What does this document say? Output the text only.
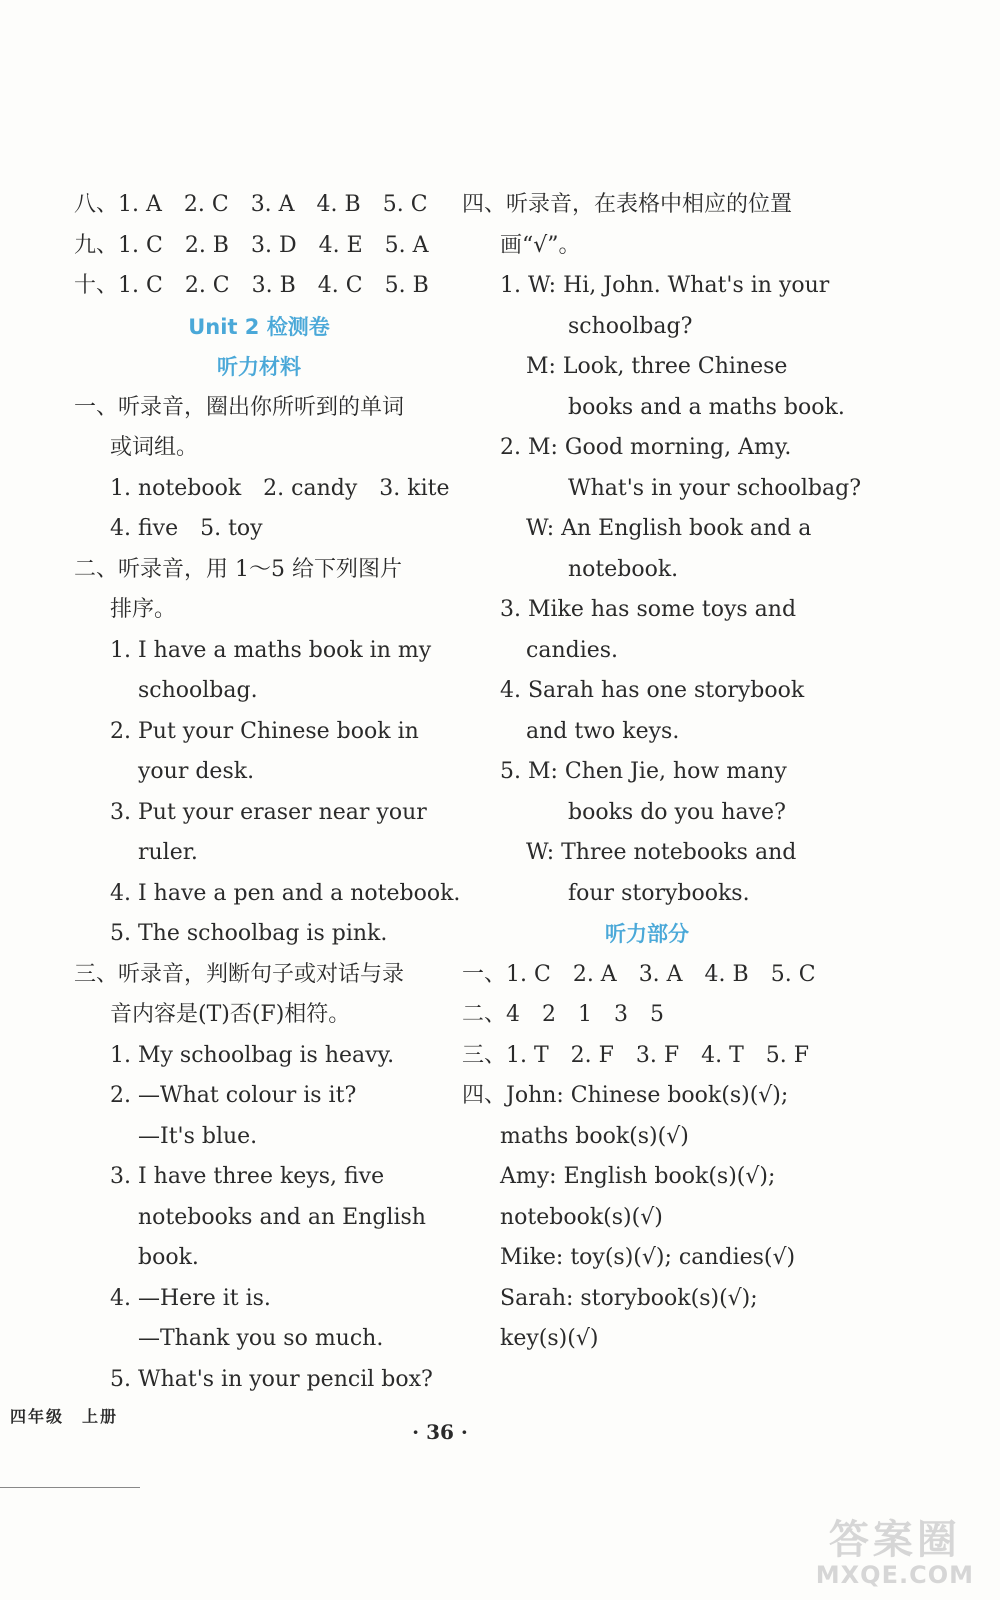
八、1. A　2. C　3. A　4. B　5. C
九、1. C　2. B　3. D　4. E　5. A
十、1. C　2. C　3. B　4. C　5. B
Unit 2 检测卷
听力材料
一、听录音，圈出你所听到的单词
或词组。
1. notebook　2. candy　3. kite
4. five　5. toy
二、听录音，用 1～5 给下列图片
排序。
1. I have a maths book in my
schoolbag.
2. Put your Chinese book in
your desk.
3. Put your eraser near your
ruler.
4. I have a pen and a notebook.
5. The schoolbag is pink.
三、听录音，判断句子或对话与录
音内容是(T)否(F)相符。
1. My schoolbag is heavy.
2. —What colour is it?
—It's blue.
3. I have three keys, five
notebooks and an English
book.
4. —Here it is.
—Thank you so much.
5. What's in your pencil box?
四、听录音，在表格中相应的位置
画“√”。
1. W: Hi, John. What's in your
schoolbag?
M: Look, three Chinese
books and a maths book.
2. M: Good morning, Amy.
What's in your schoolbag?
W: An English book and a
notebook.
3. Mike has some toys and
candies.
4. Sarah has one storybook
and two keys.
5. M: Chen Jie, how many
books do you have?
W: Three notebooks and
four storybooks.
听力部分
一、1. C　2. A　3. A　4. B　5. C
二、4　2　1　3　5
三、1. T　2. F　3. F　4. T　5. F
四、John: Chinese book(s)(√);
maths book(s)(√)
Amy: English book(s)(√);
notebook(s)(√)
Mike: toy(s)(√); candies(√)
Sarah: storybook(s)(√);
key(s)(√)
四年级　上册
· 36 ·
答案圈
MXQE.COM
